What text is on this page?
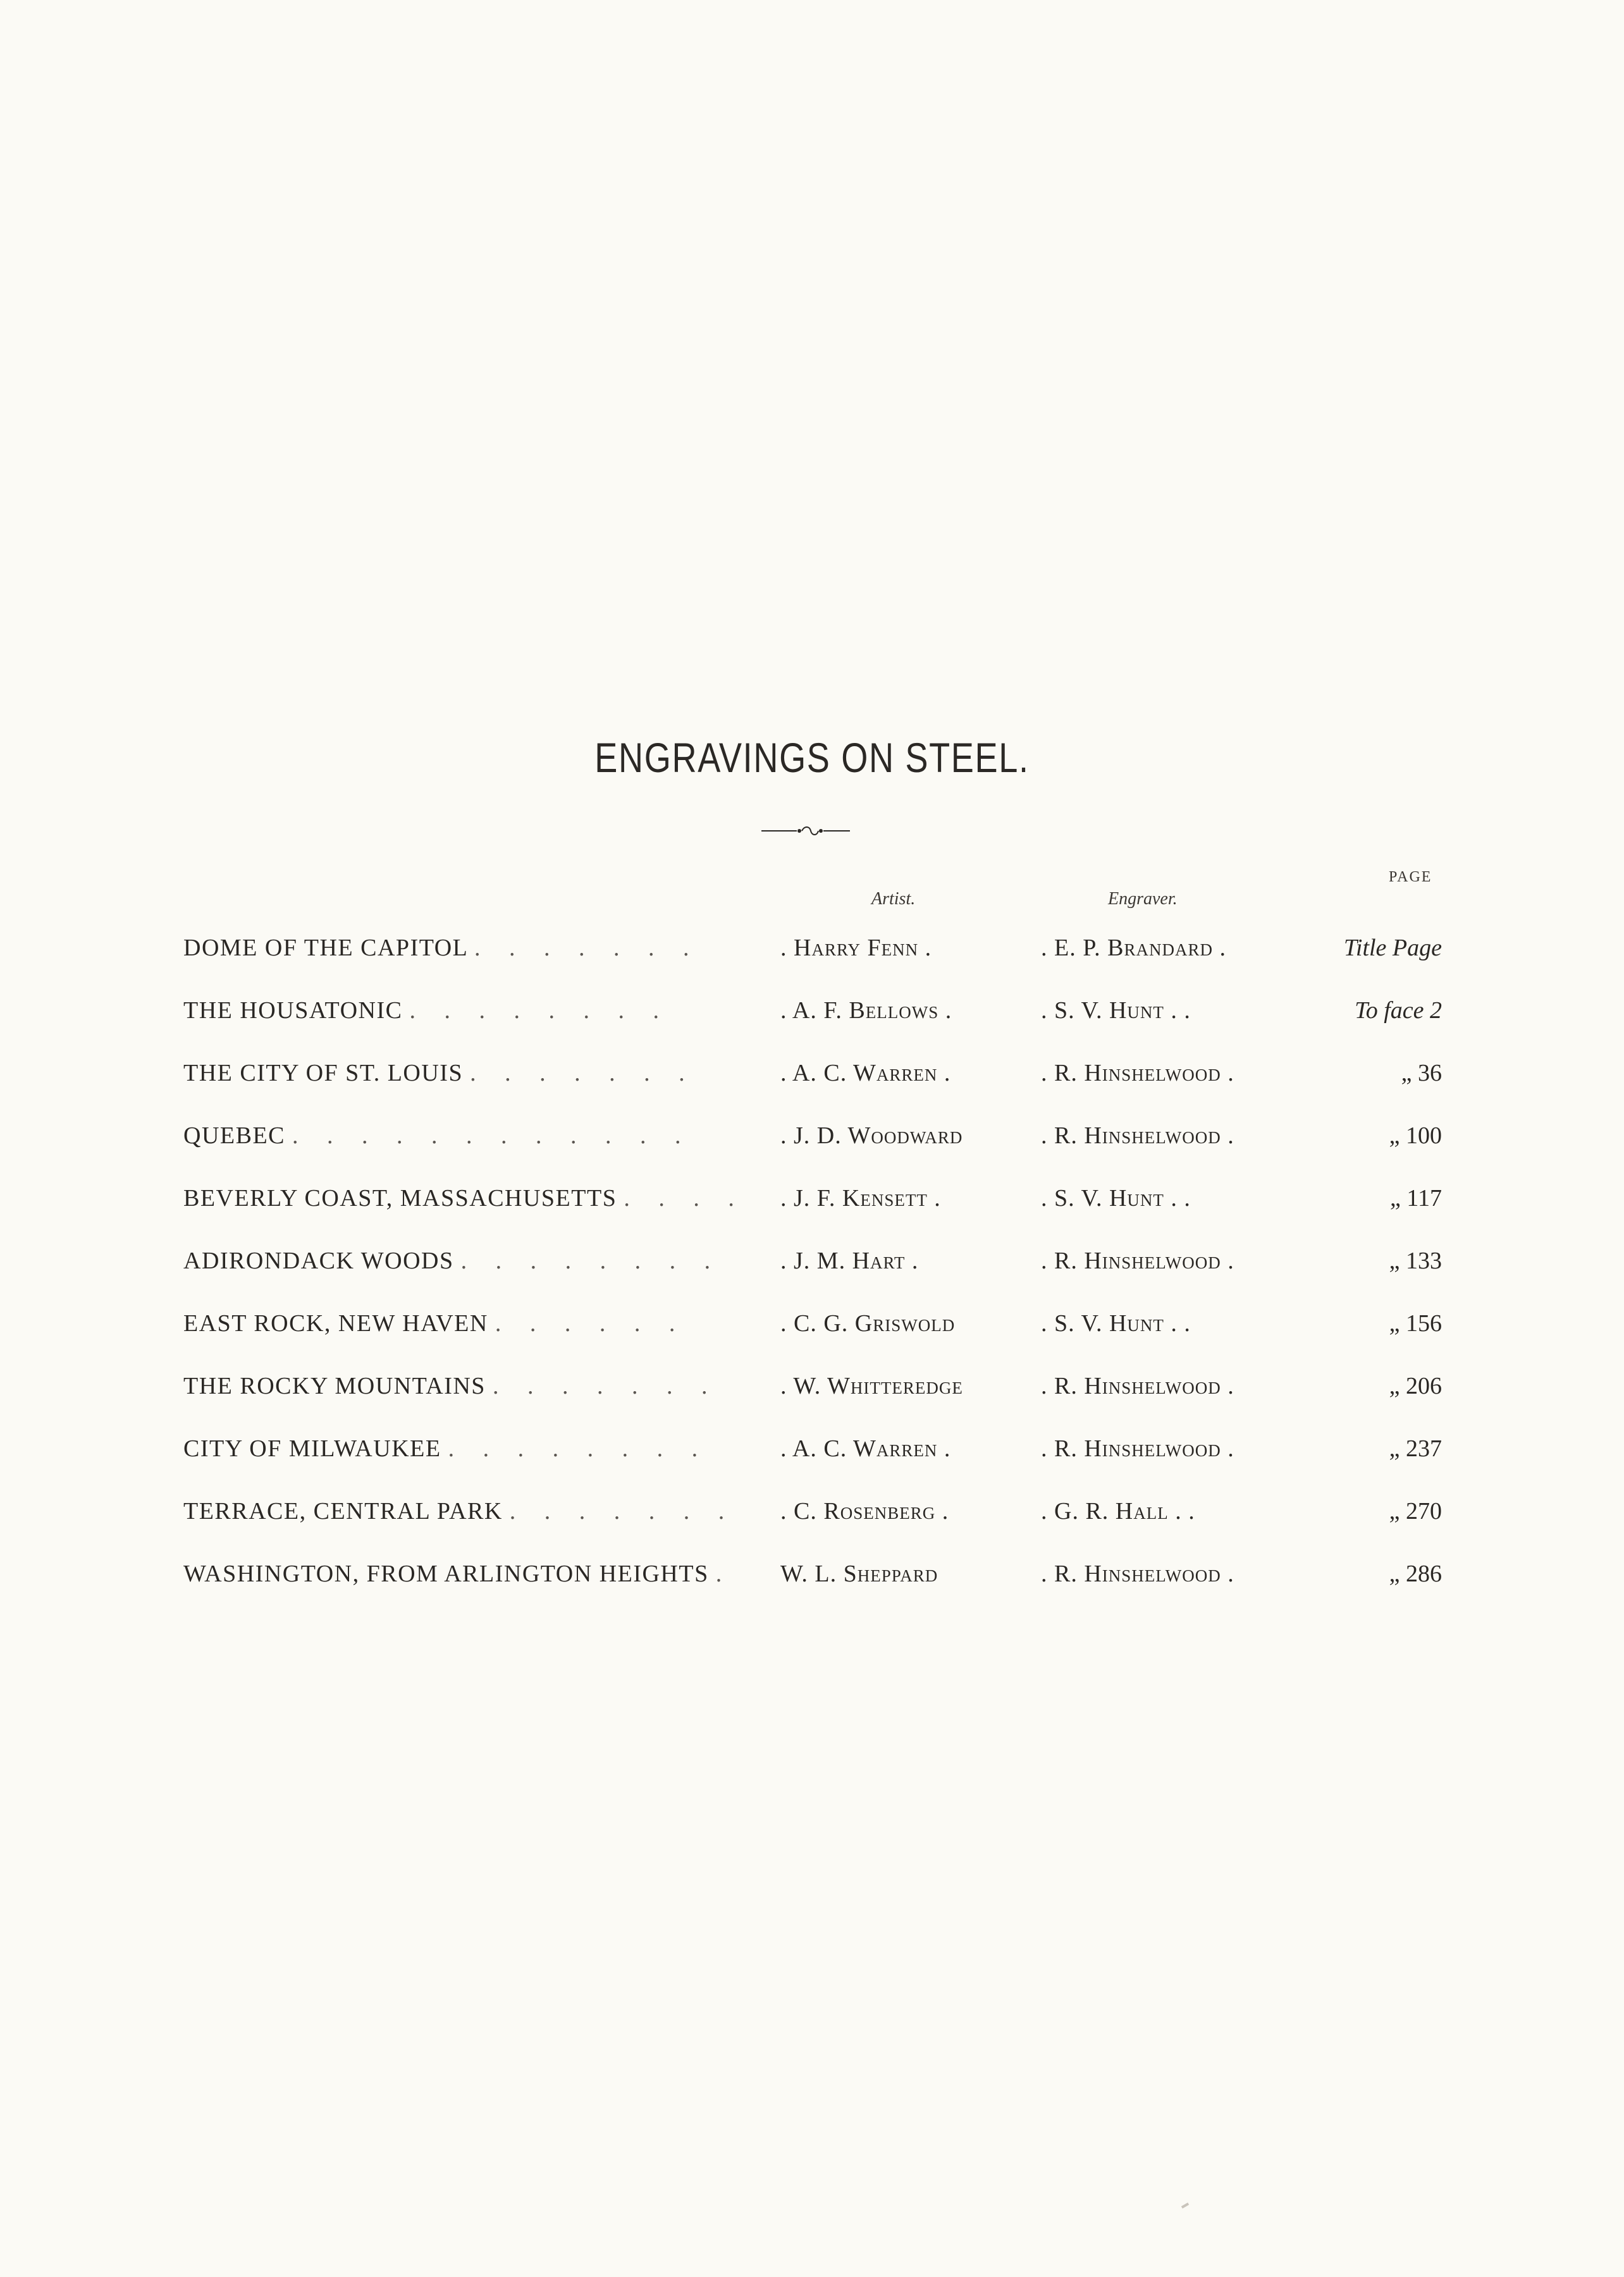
ENGRAVINGS ON STEEL.
Artist.	Engraver.
PAGE
DOME OF THE CAPITOL . . . . . . .	. Harry Fenn .	. E. P. Brandard .	Title Page
THE HOUSATONIC . . . . . . . .	. A. F. Bellows .	. S. V. Hunt . .	To face 2
THE CITY OF ST. LOUIS . . . . . . .	. A. C. Warren .	. R. Hinshelwood .	„ 36
QUEBEC . . . . . . . . . . . .	. J. D. Woodward	. R. Hinshelwood .	„ 100
BEVERLY COAST, MASSACHUSETTS . . . .	. J. F. Kensett .	. S. V. Hunt . .	„ 117
ADIRONDACK WOODS . . . . . . . .	. J. M. Hart .	. R. Hinshelwood .	„ 133
EAST ROCK, NEW HAVEN . . . . . .	. C. G. Griswold	. S. V. Hunt . .	„ 156
THE ROCKY MOUNTAINS . . . . . . .	. W. Whitteredge	. R. Hinshelwood .	„ 206
CITY OF MILWAUKEE . . . . . . . .	. A. C. Warren .	. R. Hinshelwood .	„ 237
TERRACE, CENTRAL PARK . . . . . . .	. C. Rosenberg .	. G. R. Hall . .	„ 270
WASHINGTON, FROM ARLINGTON HEIGHTS .	W. L. Sheppard	. R. Hinshelwood .	„ 286
